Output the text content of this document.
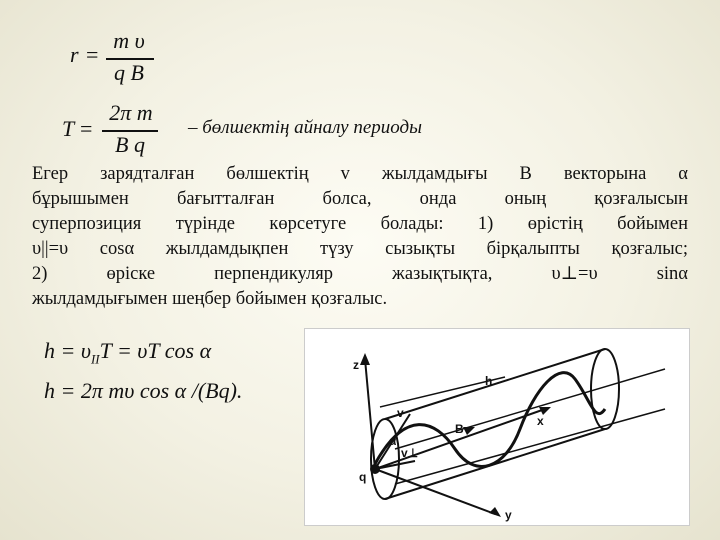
r =
m υ
q B
T =
2π m
B q
– бөлшектің айналу периоды
Егер зарядталған бөлшектің v жылдамдығы B векторына α
бұрышымен бағытталған болса, онда оның қозғалысын
суперпозиция түрінде көрсетуге болады: 1) өрістің бойымен
υ||=υ cosα жылдамдықпен түзу сызықты бірқалыпты қозғалыс;
2) өріске перпендикуляр жазықтықта, υ⊥=υ sinα
жылдамдығымен шеңбер бойымен қозғалыс.
$h = \upsilon_{II}T = \upsilon T$ cos α
h = 2π mυ cos α /(Bq).
z
x
y
h
B
v
v⊥
α
q
